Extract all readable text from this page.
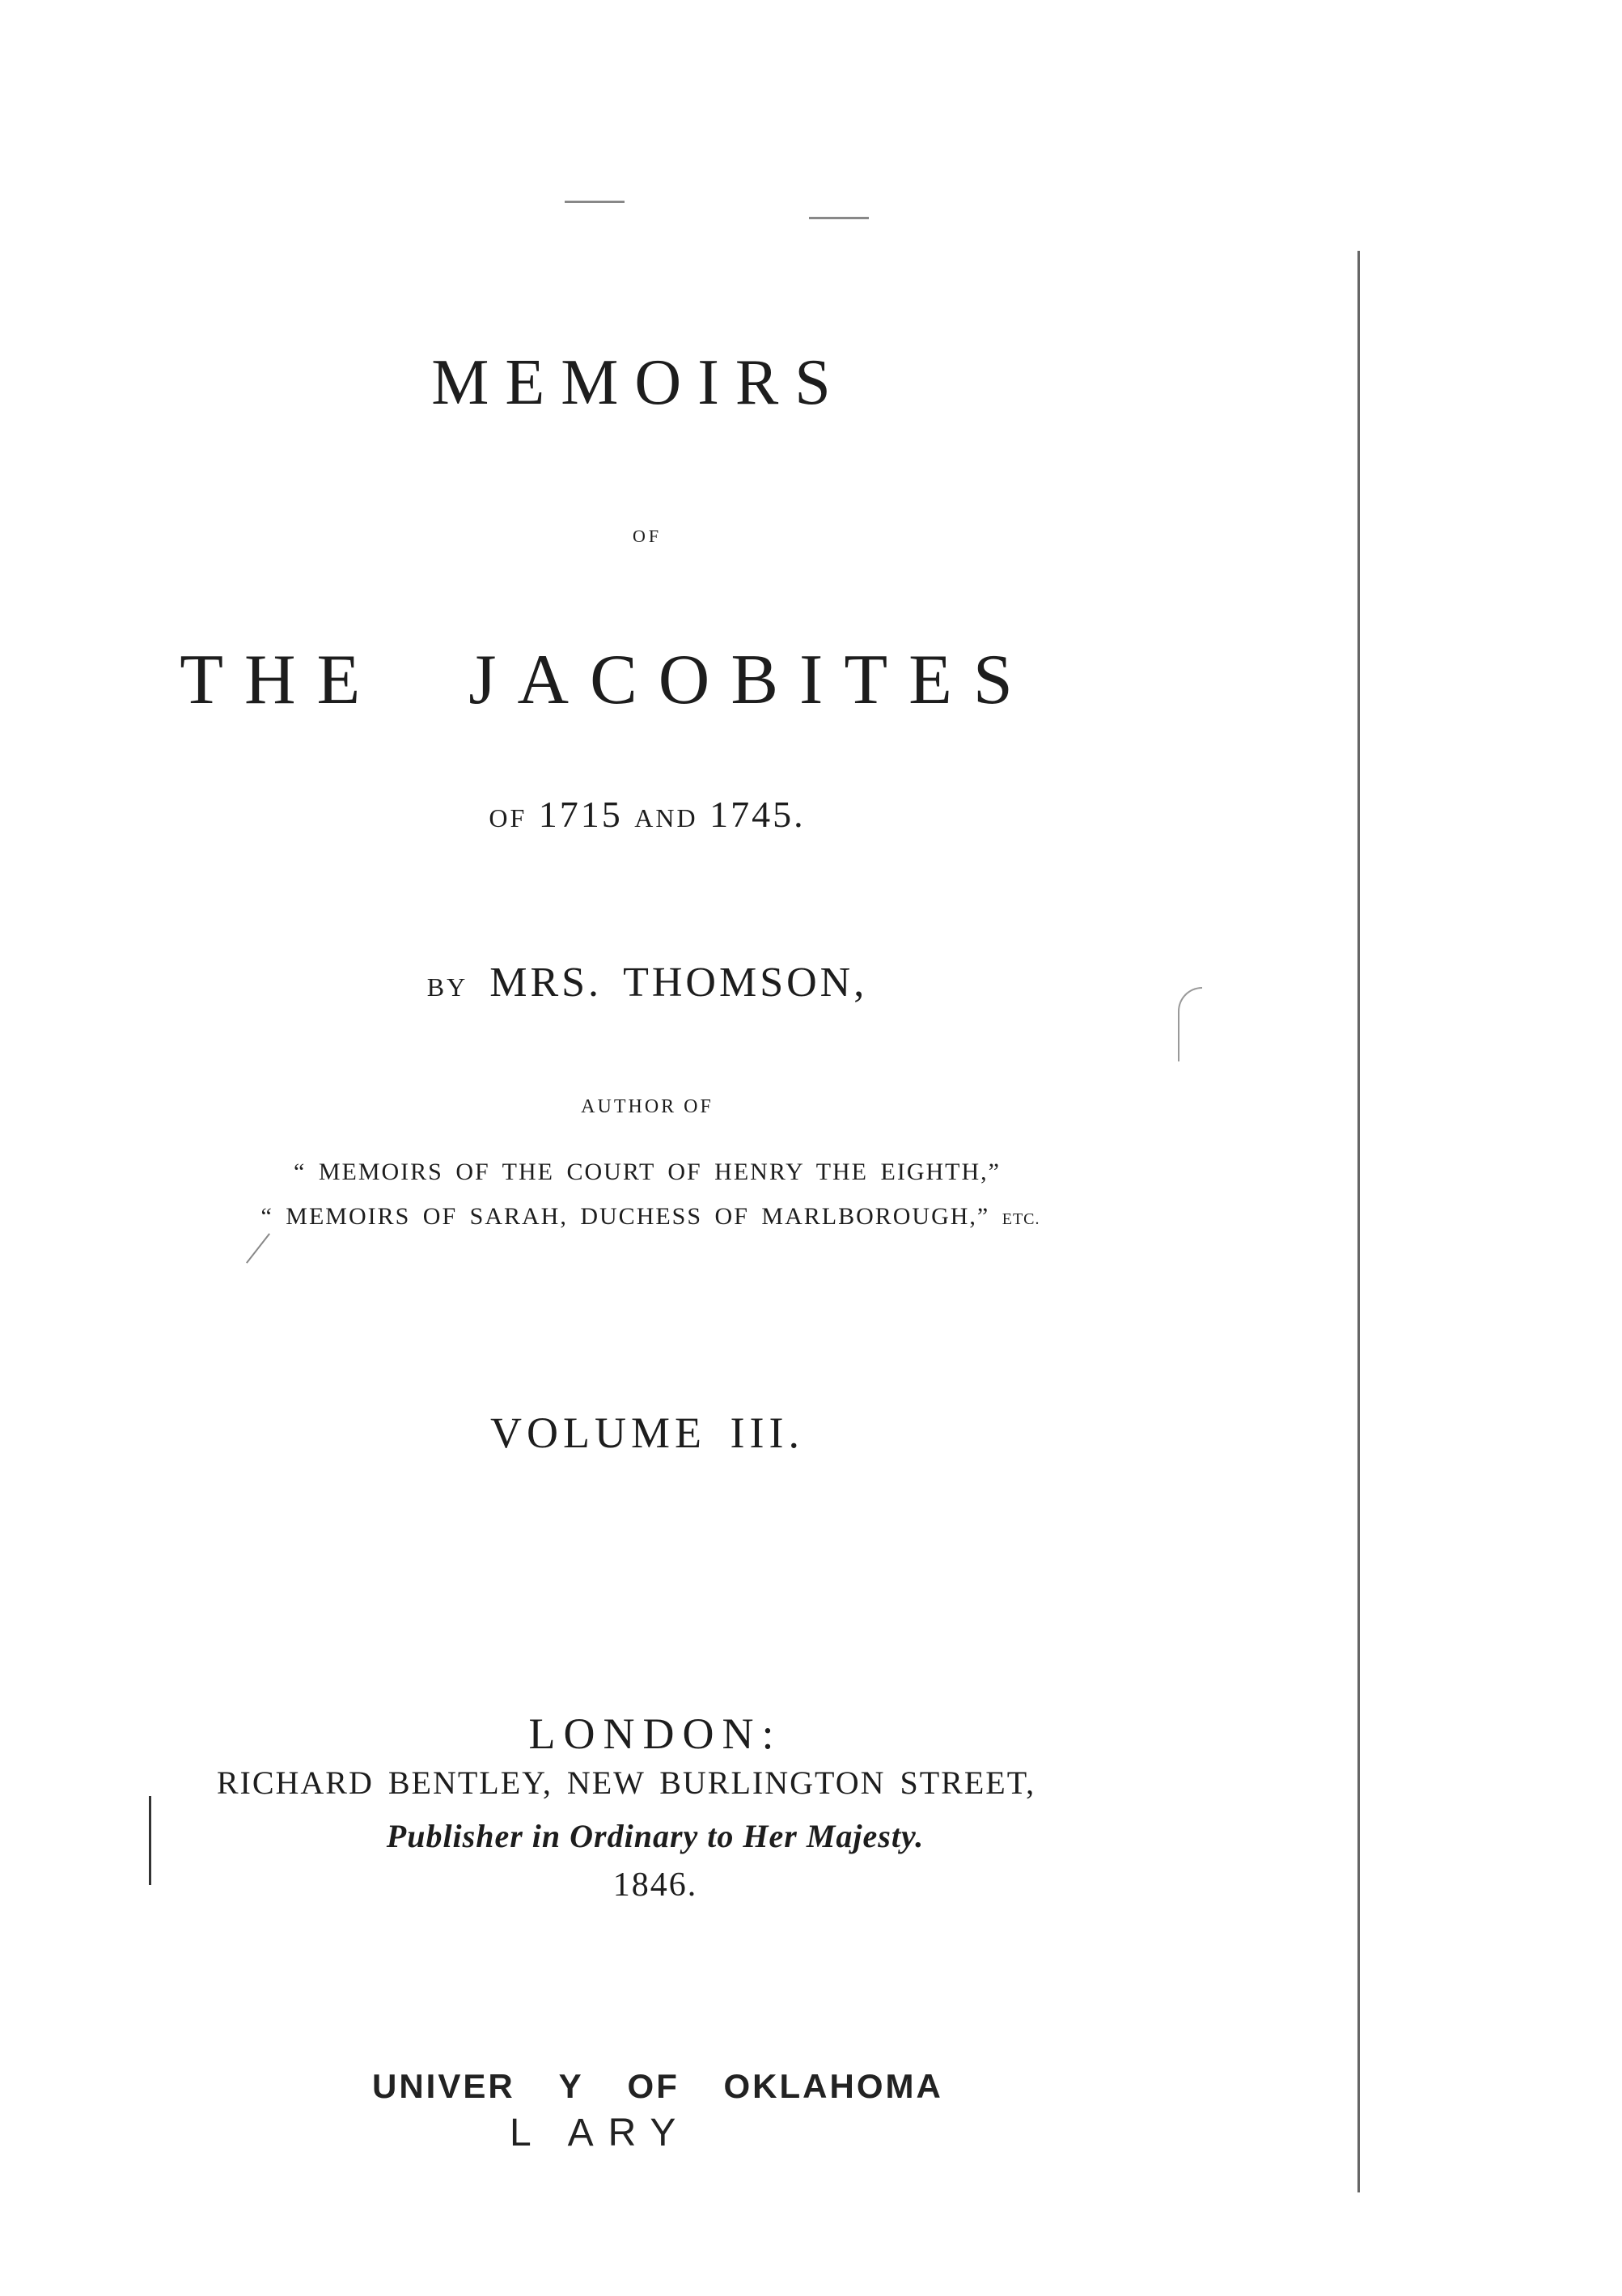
MEMOIRS
OF
THE JACOBITES
OF 1715 AND 1745.
BY MRS. THOMSON,
AUTHOR OF
“ MEMOIRS OF THE COURT OF HENRY THE EIGHTH,”
“ MEMOIRS OF SARAH, DUCHESS OF MARLBOROUGH,” ETC.
VOLUME III.
LONDON:
RICHARD BENTLEY, NEW BURLINGTON STREET,
Publisher in Ordinary to Her Majesty.
1846.
UNIVER Y OF OKLAHOMA
L ARY
